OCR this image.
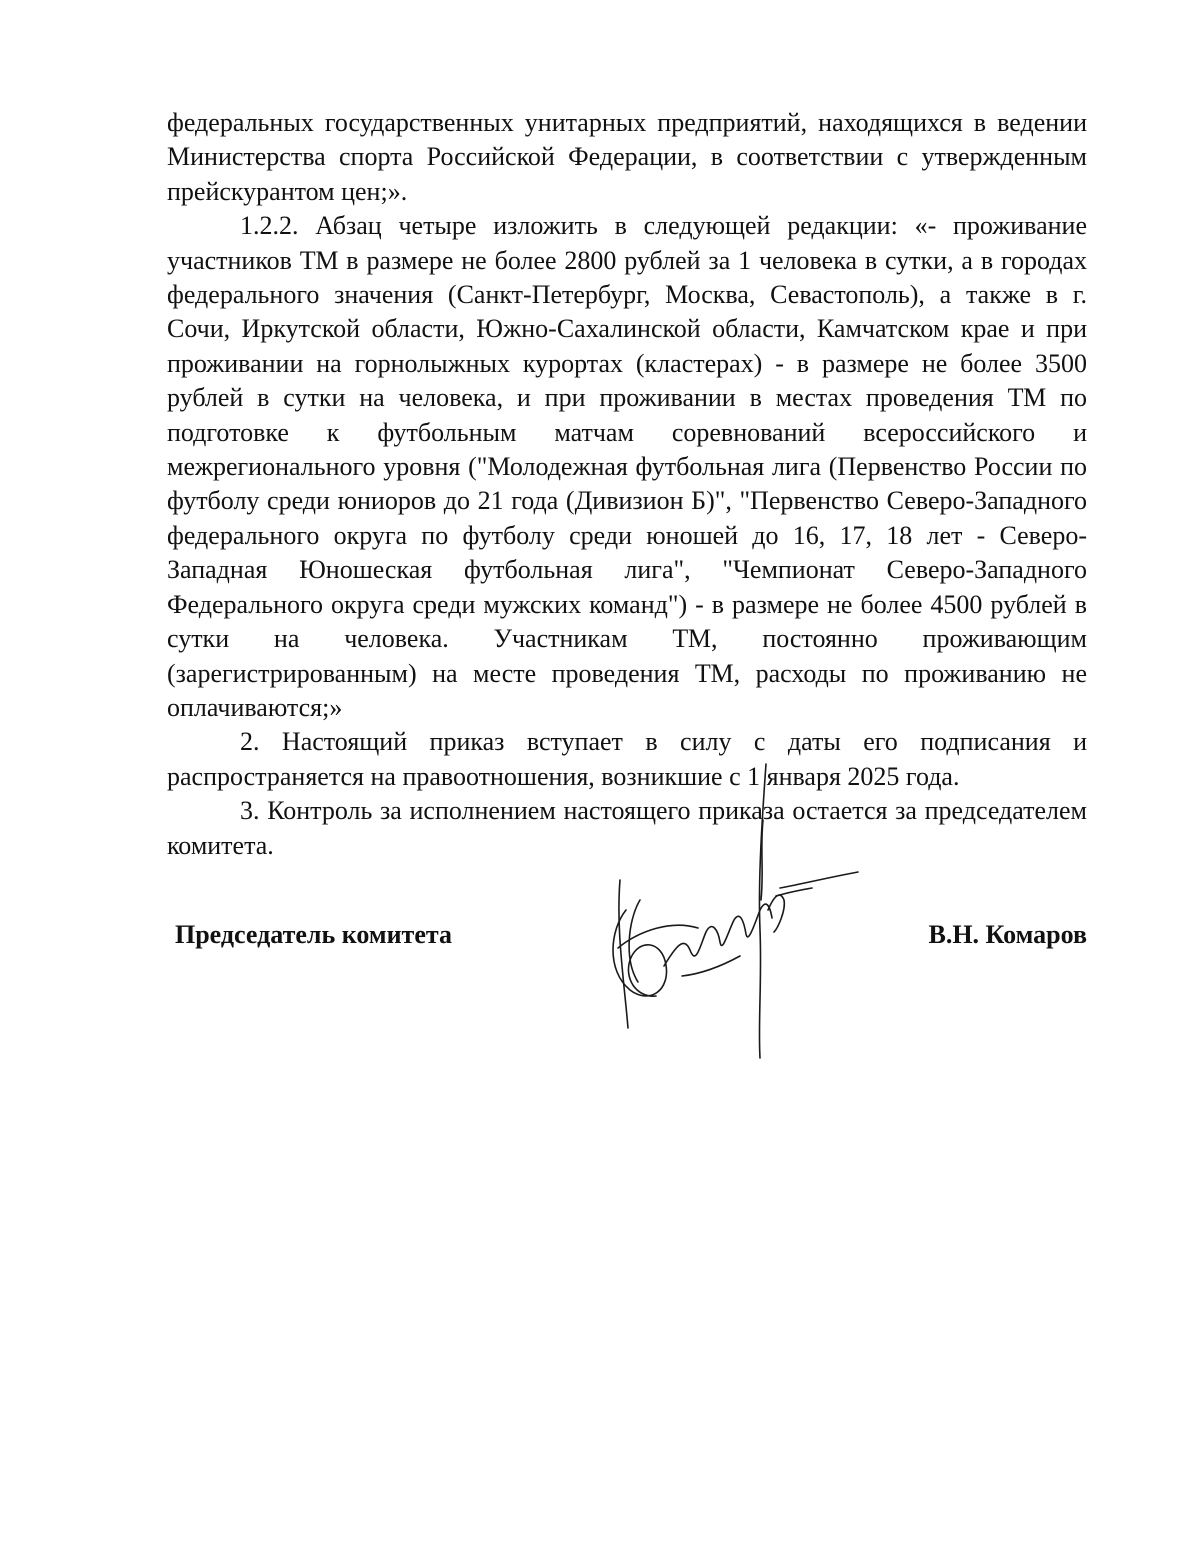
федеральных государственных унитарных предприятий, находящихся в ведении Министерства спорта Российской Федерации, в соответствии с утвержденным прейскурантом цен;».

1.2.2. Абзац четыре изложить в следующей редакции: «- проживание участников ТМ в размере не более 2800 рублей за 1 человека в сутки, а в городах федерального значения (Санкт-Петербург, Москва, Севастополь), а также в г. Сочи, Иркутской области, Южно-Сахалинской области, Камчатском крае и при проживании на горнолыжных курортах (кластерах) - в размере не более 3500 рублей в сутки на человека, и при проживании в местах проведения ТМ по подготовке к футбольным матчам соревнований всероссийского и межрегионального уровня ("Молодежная футбольная лига (Первенство России по футболу среди юниоров до 21 года (Дивизион Б)", "Первенство Северо-Западного федерального округа по футболу среди юношей до 16, 17, 18 лет - Северо-Западная Юношеская футбольная лига", "Чемпионат Северо-Западного Федерального округа среди мужских команд") - в размере не более 4500 рублей в сутки на человека. Участникам ТМ, постоянно проживающим (зарегистрированным) на месте проведения ТМ, расходы по проживанию не оплачиваются;»

2. Настоящий приказ вступает в силу с даты его подписания и распространяется на правоотношения, возникшие с 1 января 2025 года.

3. Контроль за исполнением настоящего приказа остается за председателем комитета.

Председатель комитета	В.Н. Комаров
